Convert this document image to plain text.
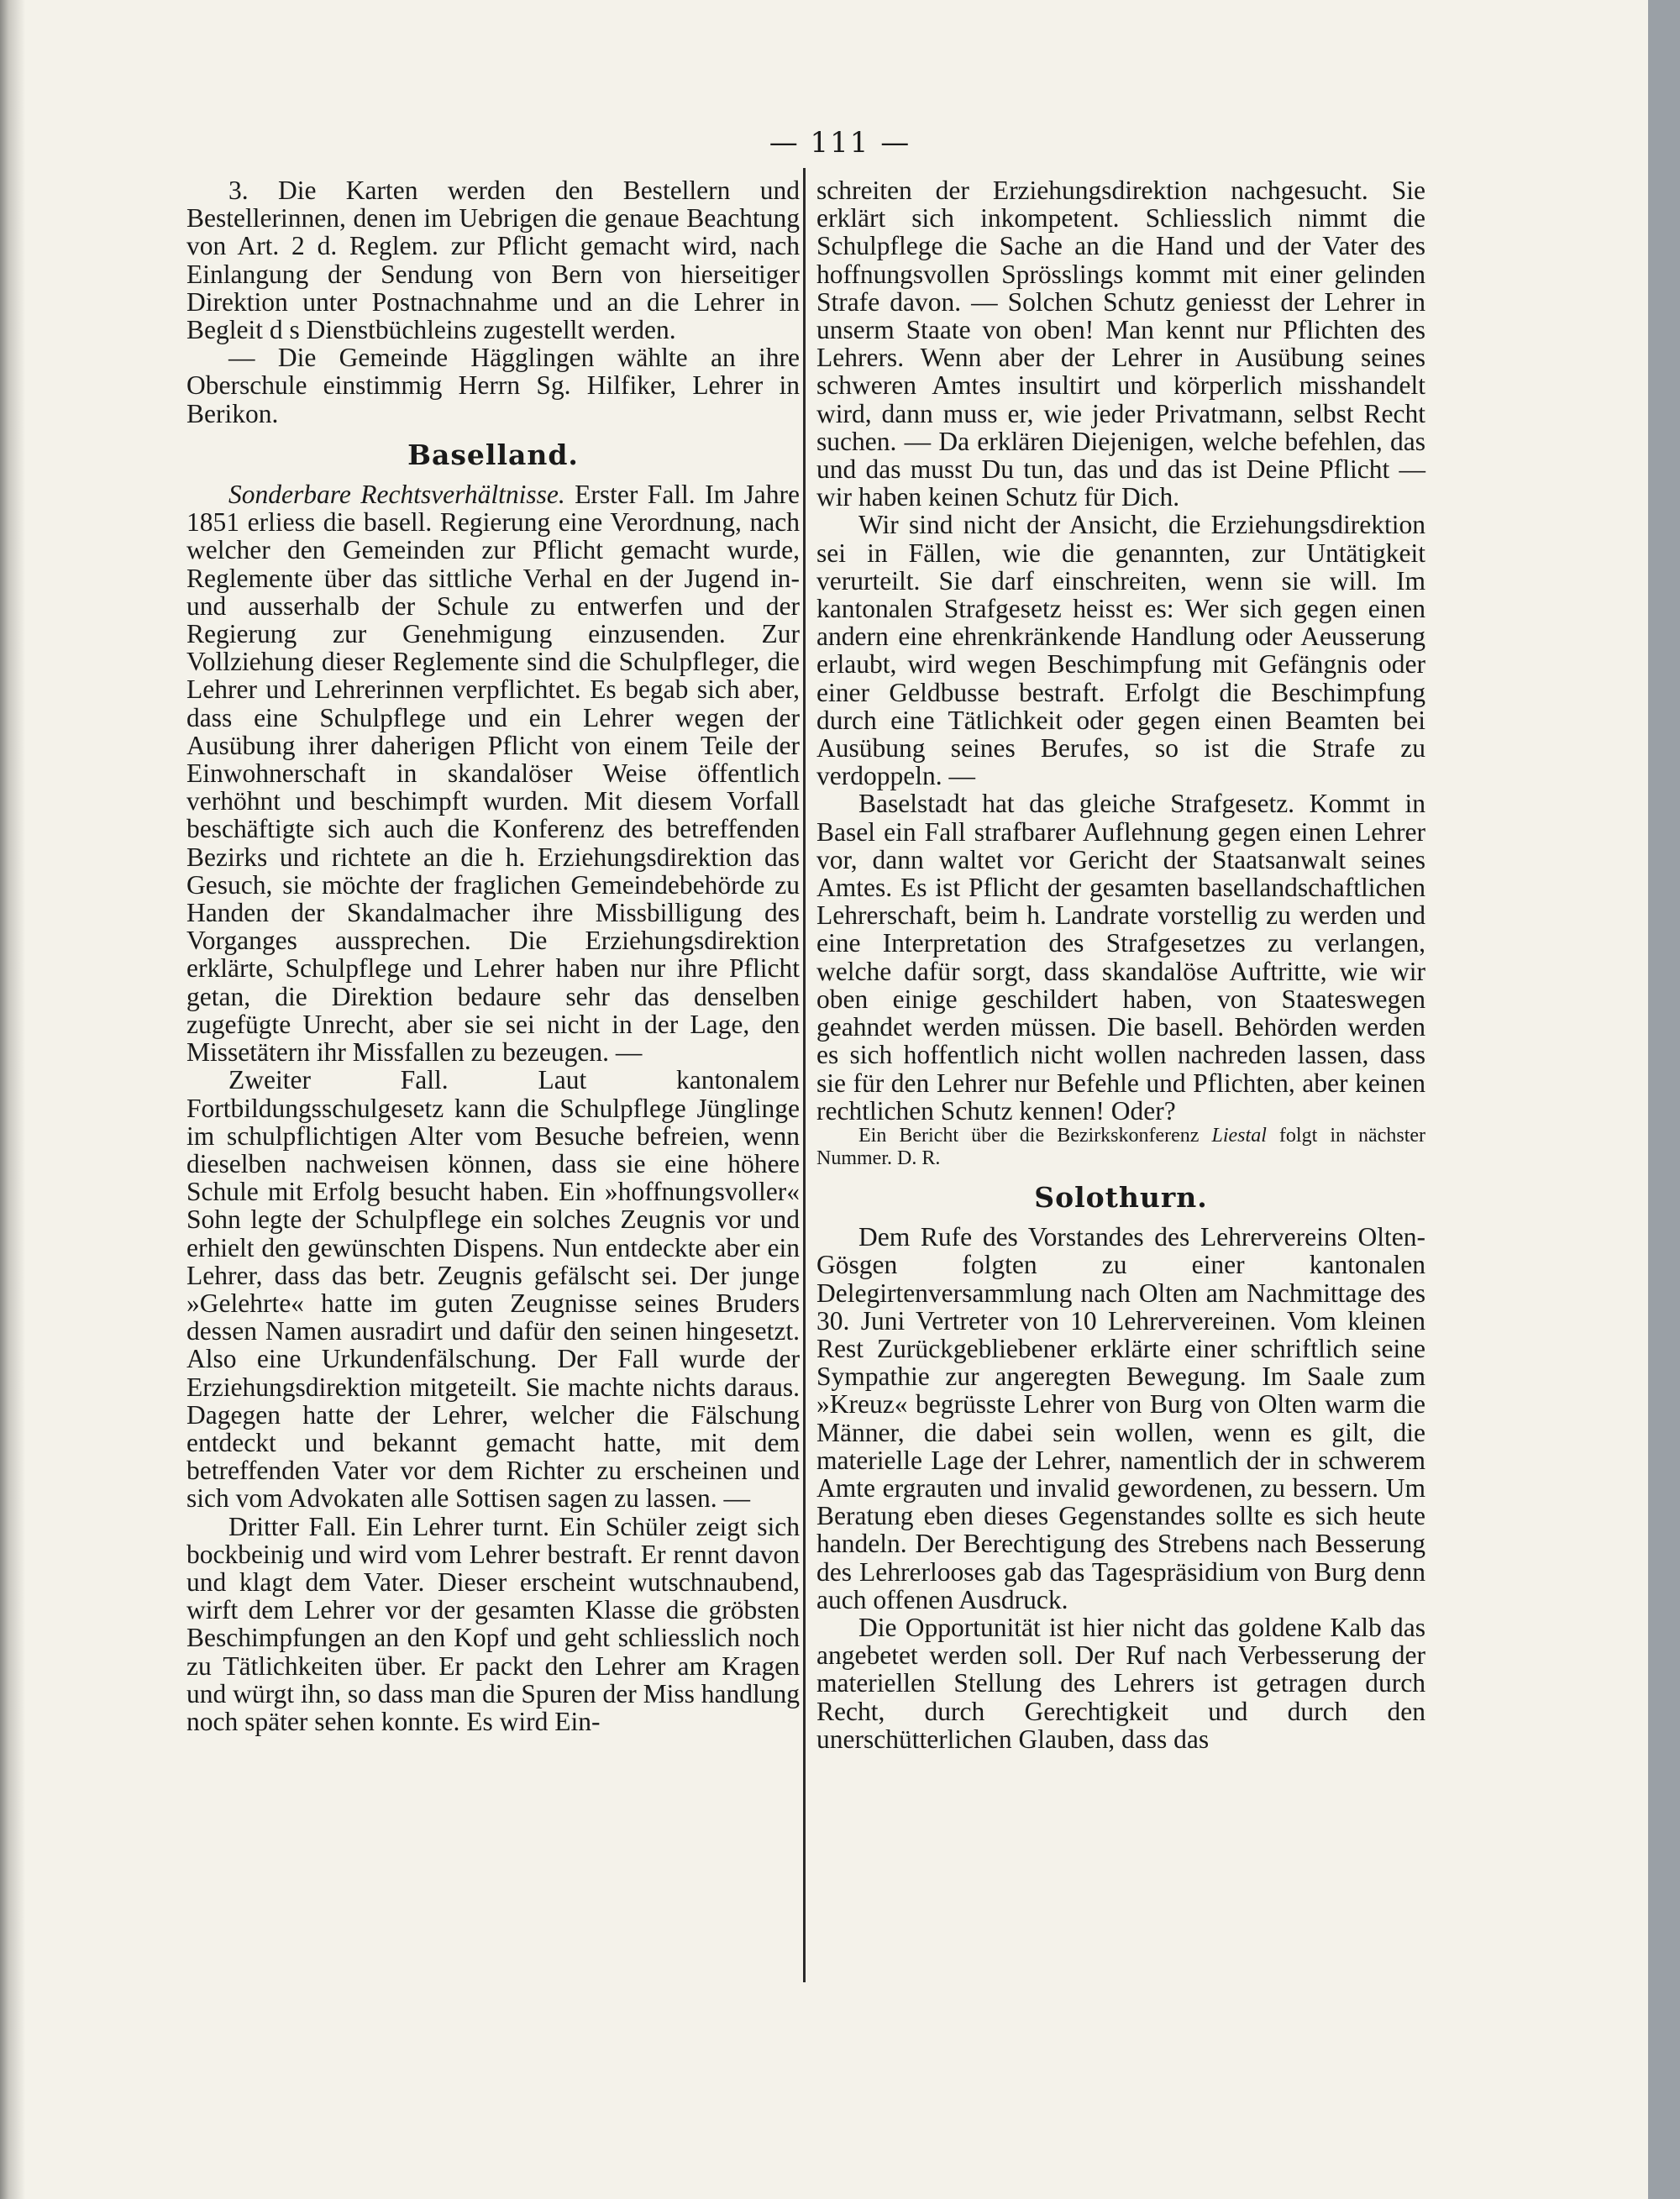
— 111 —

3. Die Karten werden den Bestellern und Bestellerinnen, denen im Uebrigen die genaue Beachtung von Art. 2 d. Reglem. zur Pflicht gemacht wird, nach Einlangung der Sendung von Bern von hierseitiger Direktion unter Postnachnahme und an die Lehrer in Begleit d s Dienstbüchleins zugestellt werden.

— Die Gemeinde Hägglingen wählte an ihre Oberschule einstimmig Herrn Sg. Hilfiker, Lehrer in Berikon.

Baselland.

Sonderbare Rechtsverhältnisse. Erster Fall. Im Jahre 1851 erliess die basell. Regierung eine Verordnung, nach welcher den Gemeinden zur Pflicht gemacht wurde, Reglemente über das sittliche Verhal en der Jugend in- und ausserhalb der Schule zu entwerfen und der Regierung zur Genehmigung einzusenden. Zur Vollziehung dieser Reglemente sind die Schulpfleger, die Lehrer und Lehrerinnen verpflichtet. Es begab sich aber, dass eine Schulpflege und ein Lehrer wegen der Ausübung ihrer daherigen Pflicht von einem Teile der Einwohnerschaft in skandalöser Weise öffentlich verhöhnt und beschimpft wurden. Mit diesem Vorfall beschäftigte sich auch die Konferenz des betreffenden Bezirks und richtete an die h. Erziehungsdirektion das Gesuch, sie möchte der fraglichen Gemeindebehörde zu Handen der Skandalmacher ihre Missbilligung des Vorganges aussprechen. Die Erziehungsdirektion erklärte, Schulpflege und Lehrer haben nur ihre Pflicht getan, die Direktion bedaure sehr das denselben zugefügte Unrecht, aber sie sei nicht in der Lage, den Missetätern ihr Missfallen zu bezeugen. —

Zweiter Fall. Laut kantonalem Fortbildungsschulgesetz kann die Schulpflege Jünglinge im schulpflichtigen Alter vom Besuche befreien, wenn dieselben nachweisen können, dass sie eine höhere Schule mit Erfolg besucht haben. Ein »hoffnungsvoller« Sohn legte der Schulpflege ein solches Zeugnis vor und erhielt den gewünschten Dispens. Nun entdeckte aber ein Lehrer, dass das betr. Zeugnis gefälscht sei. Der junge »Gelehrte« hatte im guten Zeugnisse seines Bruders dessen Namen ausradirt und dafür den seinen hingesetzt. Also eine Urkundenfälschung. Der Fall wurde der Erziehungsdirektion mitgeteilt. Sie machte nichts daraus. Dagegen hatte der Lehrer, welcher die Fälschung entdeckt und bekannt gemacht hatte, mit dem betreffenden Vater vor dem Richter zu erscheinen und sich vom Advokaten alle Sottisen sagen zu lassen. —

Dritter Fall. Ein Lehrer turnt. Ein Schüler zeigt sich bockbeinig und wird vom Lehrer bestraft. Er rennt davon und klagt dem Vater. Dieser erscheint wutschnaubend, wirft dem Lehrer vor der gesamten Klasse die gröbsten Beschimpfungen an den Kopf und geht schliesslich noch zu Tätlichkeiten über. Er packt den Lehrer am Kragen und würgt ihn, so dass man die Spuren der Miss handlung noch später sehen konnte. Es wird Ein-

schreiten der Erziehungsdirektion nachgesucht. Sie erklärt sich inkompetent. Schliesslich nimmt die Schulpflege die Sache an die Hand und der Vater des hoffnungsvollen Sprösslings kommt mit einer gelinden Strafe davon. — Solchen Schutz geniesst der Lehrer in unserm Staate von oben! Man kennt nur Pflichten des Lehrers. Wenn aber der Lehrer in Ausübung seines schweren Amtes insultirt und körperlich misshandelt wird, dann muss er, wie jeder Privatmann, selbst Recht suchen. — Da erklären Diejenigen, welche befehlen, das und das musst Du tun, das und das ist Deine Pflicht — wir haben keinen Schutz für Dich.

Wir sind nicht der Ansicht, die Erziehungsdirektion sei in Fällen, wie die genannten, zur Untätigkeit verurteilt. Sie darf einschreiten, wenn sie will. Im kantonalen Strafgesetz heisst es: Wer sich gegen einen andern eine ehrenkränkende Handlung oder Aeusserung erlaubt, wird wegen Beschimpfung mit Gefängnis oder einer Geldbusse bestraft. Erfolgt die Beschimpfung durch eine Tätlichkeit oder gegen einen Beamten bei Ausübung seines Berufes, so ist die Strafe zu verdoppeln. —

Baselstadt hat das gleiche Strafgesetz. Kommt in Basel ein Fall strafbarer Auflehnung gegen einen Lehrer vor, dann waltet vor Gericht der Staatsanwalt seines Amtes. Es ist Pflicht der gesamten basellandschaftlichen Lehrerschaft, beim h. Landrate vorstellig zu werden und eine Interpretation des Strafgesetzes zu verlangen, welche dafür sorgt, dass skandalöse Auftritte, wie wir oben einige geschildert haben, von Staateswegen geahndet werden müssen. Die basell. Behörden werden es sich hoffentlich nicht wollen nachreden lassen, dass sie für den Lehrer nur Befehle und Pflichten, aber keinen rechtlichen Schutz kennen! Oder?

Ein Bericht über die Bezirkskonferenz Liestal folgt in nächster Nummer. D. R.

Solothurn.

Dem Rufe des Vorstandes des Lehrervereins Olten-Gösgen folgten zu einer kantonalen Delegirtenversammlung nach Olten am Nachmittage des 30. Juni Vertreter von 10 Lehrervereinen. Vom kleinen Rest Zurückgebliebener erklärte einer schriftlich seine Sympathie zur angeregten Bewegung. Im Saale zum »Kreuz« begrüsste Lehrer von Burg von Olten warm die Männer, die dabei sein wollen, wenn es gilt, die materielle Lage der Lehrer, namentlich der in schwerem Amte ergrauten und invalid gewordenen, zu bessern. Um Beratung eben dieses Gegenstandes sollte es sich heute handeln. Der Berechtigung des Strebens nach Besserung des Lehrerlooses gab das Tagespräsidium von Burg denn auch offenen Ausdruck.

Die Opportunität ist hier nicht das goldene Kalb das angebetet werden soll. Der Ruf nach Verbesserung der materiellen Stellung des Lehrers ist getragen durch Recht, durch Gerechtigkeit und durch den unerschütterlichen Glauben, dass das
